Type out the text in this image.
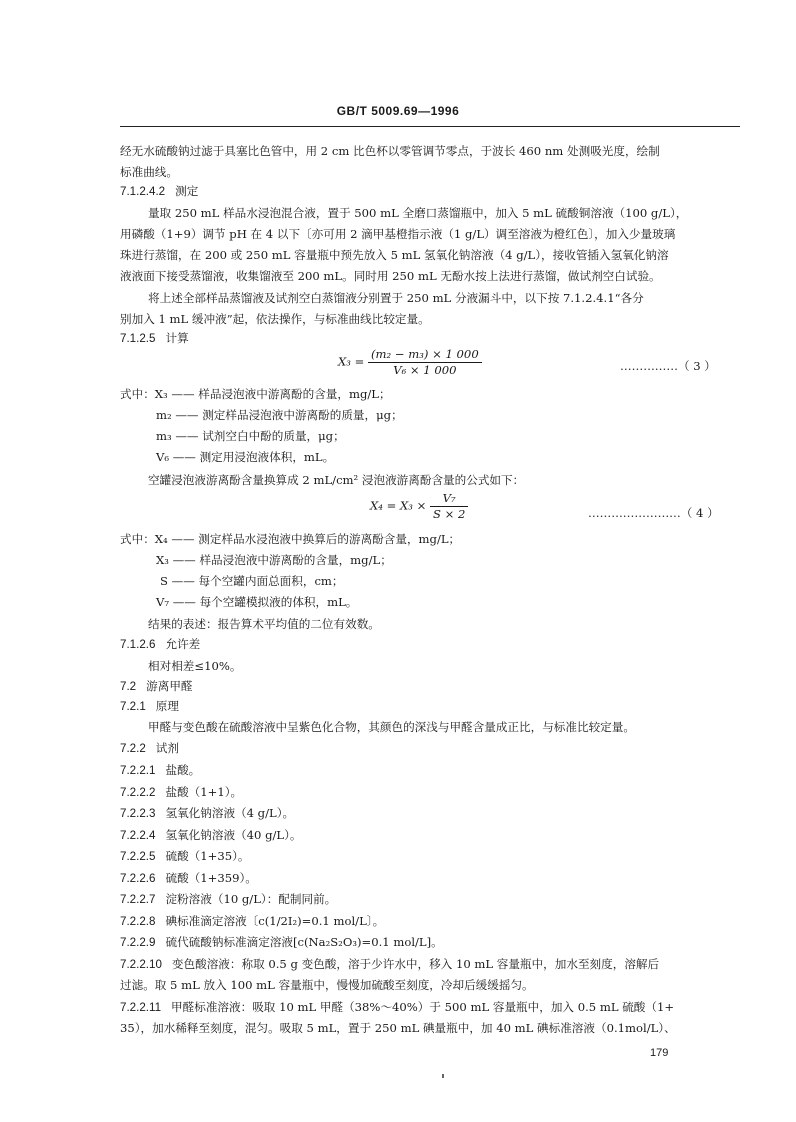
GB/T 5009.69—1996
经无水硫酸钠过滤于具塞比色管中，用 2 cm 比色杯以零管调节零点，于波长 460 nm 处测吸光度，绘制
标准曲线。
7.1.2.4.2 测定
量取 250 mL 样品水浸泡混合液，置于 500 mL 全磨口蒸馏瓶中，加入 5 mL 硫酸铜溶液（100 g/L），
用磷酸（1+9）调节 pH 在 4 以下〔亦可用 2 滴甲基橙指示液（1 g/L）调至溶液为橙红色〕，加入少量玻璃
珠进行蒸馏，在 200 或 250 mL 容量瓶中预先放入 5 mL 氢氧化钠溶液（4 g/L），接收管插入氢氧化钠溶
液液面下接受蒸馏液，收集馏液至 200 mL。同时用 250 mL 无酚水按上法进行蒸馏，做试剂空白试验。
将上述全部样品蒸馏液及试剂空白蒸馏液分别置于 250 mL 分液漏斗中，以下按 7.1.2.4.1“各分
别加入 1 mL 缓冲液”起，依法操作，与标准曲线比较定量。
7.1.2.5 计算
$X_3 = \frac{\text{(m₂ − m₃) × 1 000}}{\text{V₆ × 1 000}}$	……………（ 3 ）
式中：X₃ —— 样品浸泡液中游离酚的含量，mg/L；
m₂ —— 测定样品浸泡液中游离酚的质量，μg；
m₃ —— 试剂空白中酚的质量，μg；
V₆ —— 测定用浸泡液体积，mL。
空罐浸泡液游离酚含量换算成 2 mL/cm² 浸泡液游离酚含量的公式如下：
$X_4 = X_3 \times \frac{\text{V₇}}{S \times 2}$	……………………（ 4 ）
式中：X₄ —— 测定样品水浸泡液中换算后的游离酚含量，mg/L；
X₃ —— 样品浸泡液中游离酚的含量，mg/L；
S —— 每个空罐内面总面积，cm；
V₇ —— 每个空罐模拟液的体积，mL。
结果的表述：报告算术平均值的二位有效数。
7.1.2.6 允许差
相对相差≤10%。
7.2 游离甲醛
7.2.1 原理
甲醛与变色酸在硫酸溶液中呈紫色化合物，其颜色的深浅与甲醛含量成正比，与标准比较定量。
7.2.2 试剂
7.2.2.1 盐酸。
7.2.2.2 盐酸（1+1）。
7.2.2.3 氢氧化钠溶液（4 g/L）。
7.2.2.4 氢氧化钠溶液（40 g/L）。
7.2.2.5 硫酸（1+35）。
7.2.2.6 硫酸（1+359）。
7.2.2.7 淀粉溶液（10 g/L）：配制同前。
7.2.2.8 碘标准滴定溶液〔c(1/2I₂)=0.1 mol/L〕。
7.2.2.9 硫代硫酸钠标准滴定溶液[c(Na₂S₂O₃)=0.1 mol/L]。
7.2.2.10 变色酸溶液：称取 0.5 g 变色酸，溶于少许水中，移入 10 mL 容量瓶中，加水至刻度，溶解后
过滤。取 5 mL 放入 100 mL 容量瓶中，慢慢加硫酸至刻度，冷却后缓缓摇匀。
7.2.2.11 甲醛标准溶液：吸取 10 mL 甲醛（38%～40%）于 500 mL 容量瓶中，加入 0.5 mL 硫酸（1+
35），加水稀释至刻度，混匀。吸取 5 mL，置于 250 mL 碘量瓶中，加 40 mL 碘标准溶液（0.1mol/L）、
179
